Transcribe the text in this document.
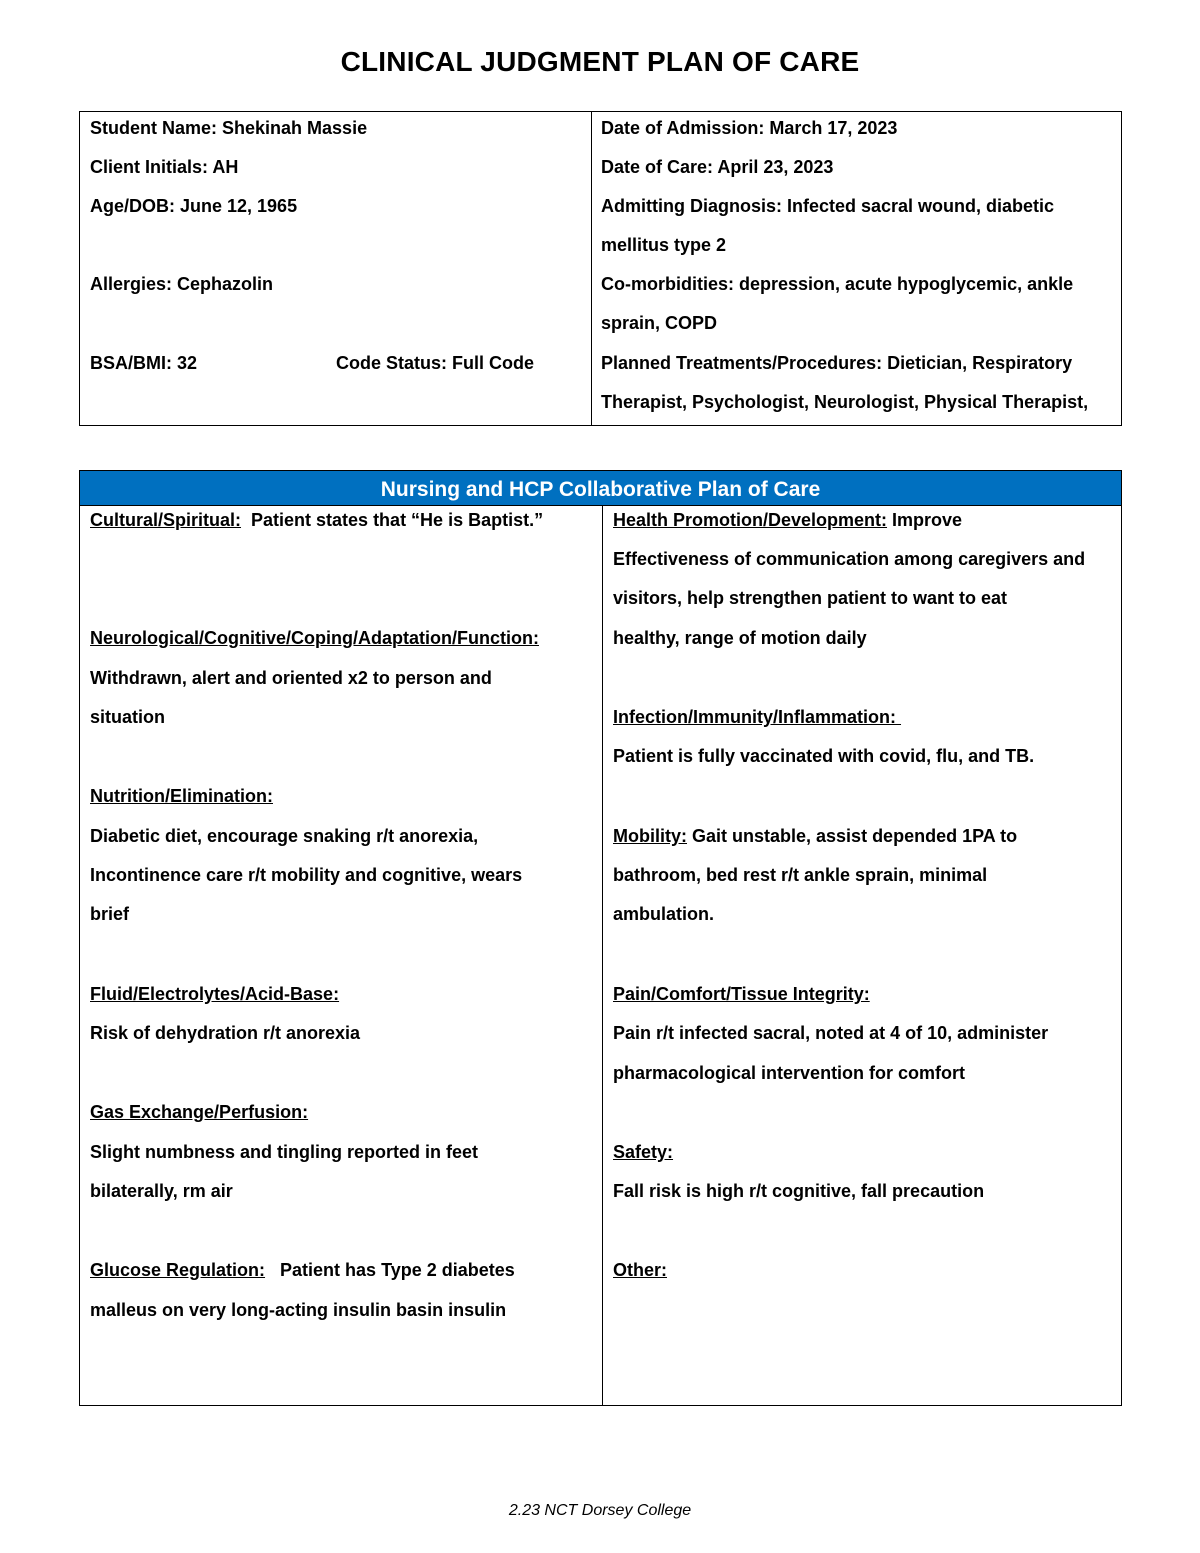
CLINICAL JUDGMENT PLAN OF CARE
Student Name: Shekinah Massie
Client Initials: AH
Age/DOB: June 12, 1965
Allergies: Cephazolin
BSA/BMI: 32	Code Status: Full Code
Date of Admission: March 17, 2023
Date of Care: April 23, 2023
Admitting Diagnosis: Infected sacral wound, diabetic
mellitus type 2
Co-morbidities: depression, acute hypoglycemic, ankle
sprain, COPD
Planned Treatments/Procedures: Dietician, Respiratory
Therapist, Psychologist, Neurologist, Physical Therapist,
Nursing and HCP Collaborative Plan of Care
Cultural/Spiritual:  Patient states that “He is Baptist.”
Neurological/Cognitive/Coping/Adaptation/Function:
Withdrawn, alert and oriented x2 to person and
situation
Nutrition/Elimination:
Diabetic diet, encourage snaking r/t anorexia,
Incontinence care r/t mobility and cognitive, wears
brief
Fluid/Electrolytes/Acid-Base:
Risk of dehydration r/t anorexia
Gas Exchange/Perfusion:
Slight numbness and tingling reported in feet
bilaterally, rm air
Glucose Regulation:   Patient has Type 2 diabetes
malleus on very long-acting insulin basin insulin
Health Promotion/Development: Improve
Effectiveness of communication among caregivers and
visitors, help strengthen patient to want to eat
healthy, range of motion daily
Infection/Immunity/Inflammation:
Patient is fully vaccinated with covid, flu, and TB.
Mobility: Gait unstable, assist depended 1PA to
bathroom, bed rest r/t ankle sprain, minimal
ambulation.
Pain/Comfort/Tissue Integrity:
Pain r/t infected sacral, noted at 4 of 10, administer
pharmacological intervention for comfort
Safety:
Fall risk is high r/t cognitive, fall precaution
Other:
2.23 NCT Dorsey College
